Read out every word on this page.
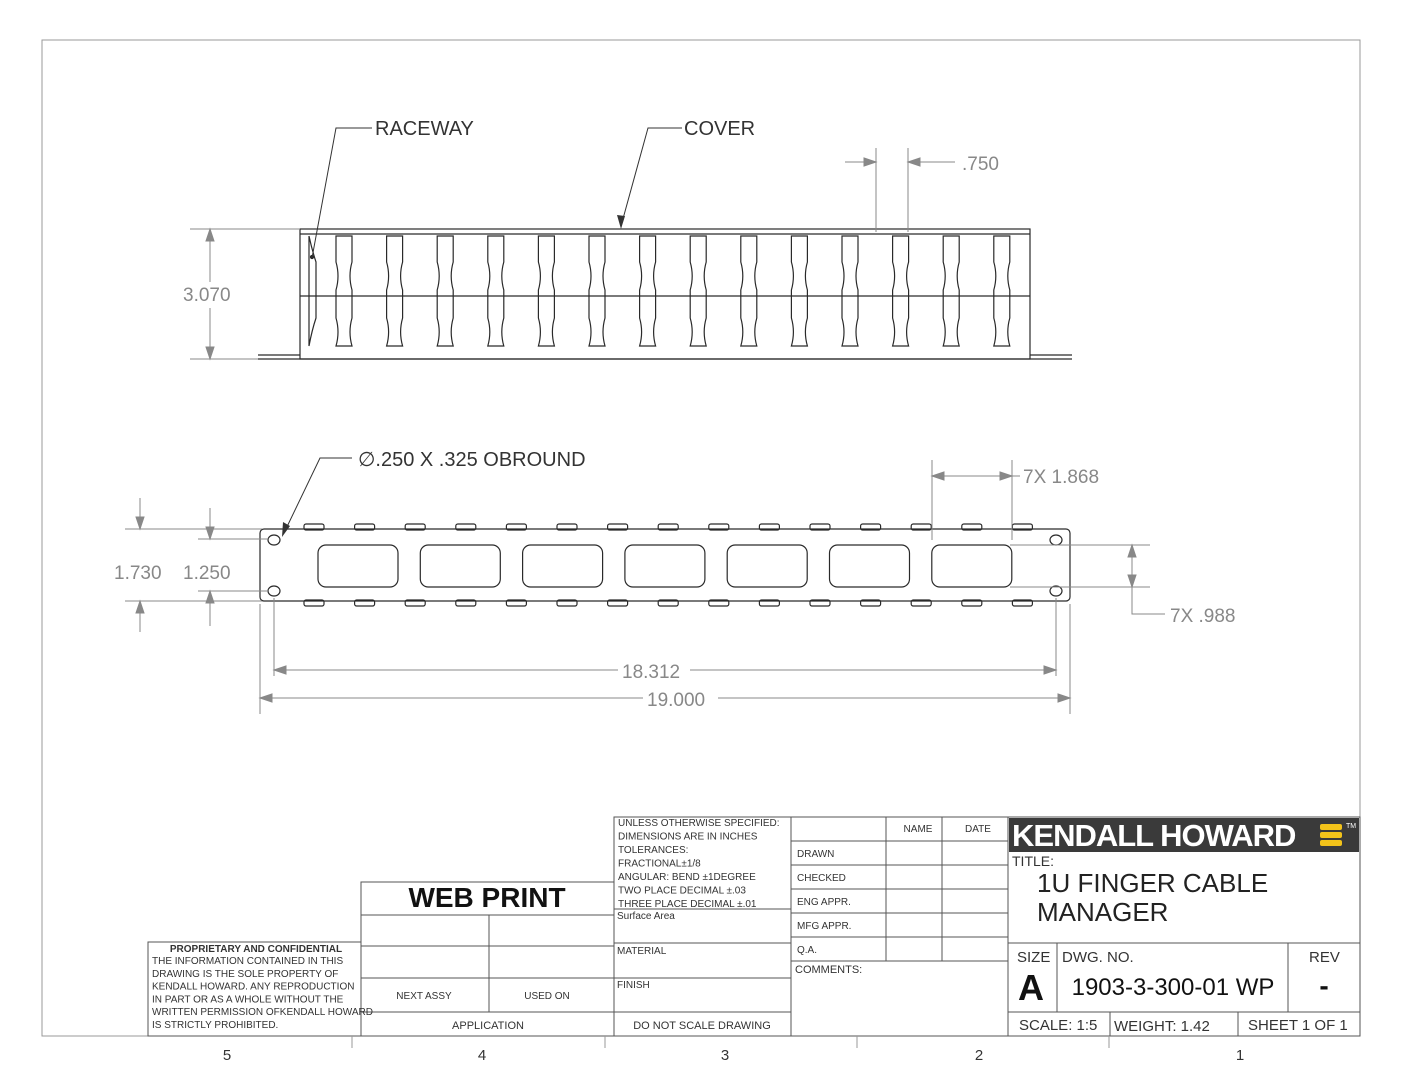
RACEWAY	COVER
.750
3.070
∅.250 X .325 OBROUND
7X 1.868
7X .988
1.730 1.250
18.312
19.000
WEB PRINT
PROPRIETARY AND CONFIDENTIAL
THE INFORMATION CONTAINED IN THIS
DRAWING IS THE SOLE PROPERTY OF
KENDALL HOWARD. ANY REPRODUCTION
IN PART OR AS A WHOLE WITHOUT THE
WRITTEN PERMISSION OFKENDALL HOWARD
IS STRICTLY PROHIBITED.
NEXT ASSY	USED ON
APPLICATION
UNLESS OTHERWISE SPECIFIED:
DIMENSIONS ARE IN INCHES
TOLERANCES:
FRACTIONAL±1/8
ANGULAR: BEND ±1DEGREE
TWO PLACE DECIMAL ±.03
THREE PLACE DECIMAL ±.01
Surface Area
MATERIAL
FINISH
DO NOT SCALE DRAWING
NAME	DATE
DRAWN
CHECKED
ENG APPR.
MFG APPR.
Q.A.
COMMENTS:
KENDALL HOWARD	TM
TITLE:
1U FINGER CABLE
MANAGER
SIZE
A
DWG. NO.
1903-3-300-01 WP
REV
-
SCALE: 1:5 WEIGHT: 1.42	SHEET 1 OF 1
5	4	3	2	1
